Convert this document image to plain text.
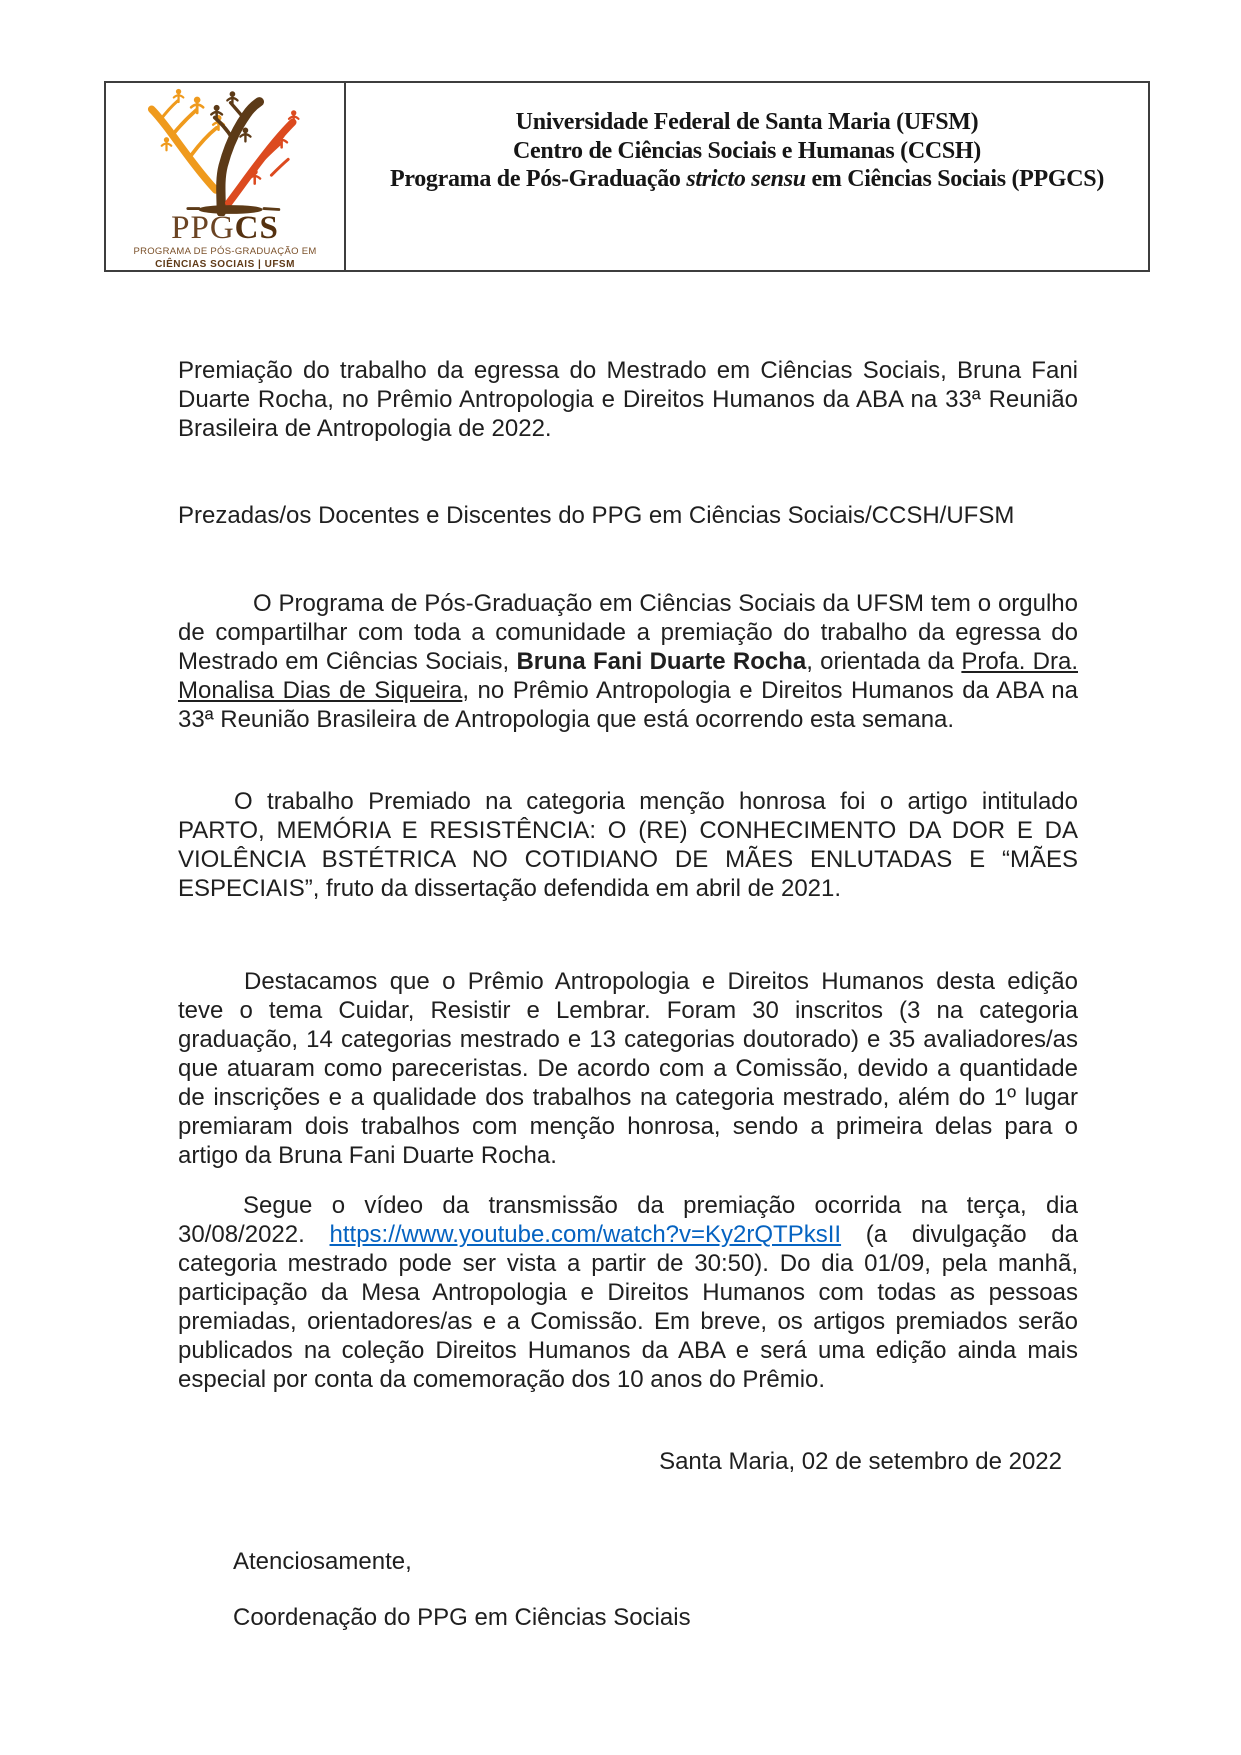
PPGCS
PROGRAMA DE PÓS-GRADUAÇÃO EM
CIÊNCIAS SOCIAIS | UFSM
Universidade Federal de Santa Maria (UFSM)
Centro de Ciências Sociais e Humanas (CCSH)
Programa de Pós-Graduação stricto sensu em Ciências Sociais (PPGCS)

Premiação do trabalho da egressa do Mestrado em Ciências Sociais, Bruna Fani Duarte Rocha, no Prêmio Antropologia e Direitos Humanos da ABA na 33ª Reunião Brasileira de Antropologia de 2022.

Prezadas/os Docentes e Discentes do PPG em Ciências Sociais/CCSH/UFSM

O Programa de Pós-Graduação em Ciências Sociais da UFSM tem o orgulho de compartilhar com toda a comunidade a premiação do trabalho da egressa do Mestrado em Ciências Sociais, Bruna Fani Duarte Rocha, orientada da Profa. Dra. Monalisa Dias de Siqueira, no Prêmio Antropologia e Direitos Humanos da ABA na 33ª Reunião Brasileira de Antropologia que está ocorrendo esta semana.

O trabalho Premiado na categoria menção honrosa foi o artigo intitulado PARTO, MEMÓRIA E RESISTÊNCIA: O (RE) CONHECIMENTO DA DOR E DA VIOLÊNCIA BSTÉTRICA NO COTIDIANO DE MÃES ENLUTADAS E “MÃES ESPECIAIS”, fruto da dissertação defendida em abril de 2021.

Destacamos que o Prêmio Antropologia e Direitos Humanos desta edição teve o tema Cuidar, Resistir e Lembrar. Foram 30 inscritos (3 na categoria graduação, 14 categorias mestrado e 13 categorias doutorado) e 35 avaliadores/as que atuaram como pareceristas. De acordo com a Comissão, devido a quantidade de inscrições e a qualidade dos trabalhos na categoria mestrado, além do 1º lugar premiaram dois trabalhos com menção honrosa, sendo a primeira delas para o artigo da Bruna Fani Duarte Rocha.

Segue o vídeo da transmissão da premiação ocorrida na terça, dia 30/08/2022. https://www.youtube.com/watch?v=Ky2rQTPksII (a divulgação da categoria mestrado pode ser vista a partir de 30:50). Do dia 01/09, pela manhã, participação da Mesa Antropologia e Direitos Humanos com todas as pessoas premiadas, orientadores/as e a Comissão. Em breve, os artigos premiados serão publicados na coleção Direitos Humanos da ABA e será uma edição ainda mais especial por conta da comemoração dos 10 anos do Prêmio.

Santa Maria, 02 de setembro de 2022

Atenciosamente,

Coordenação do PPG em Ciências Sociais
